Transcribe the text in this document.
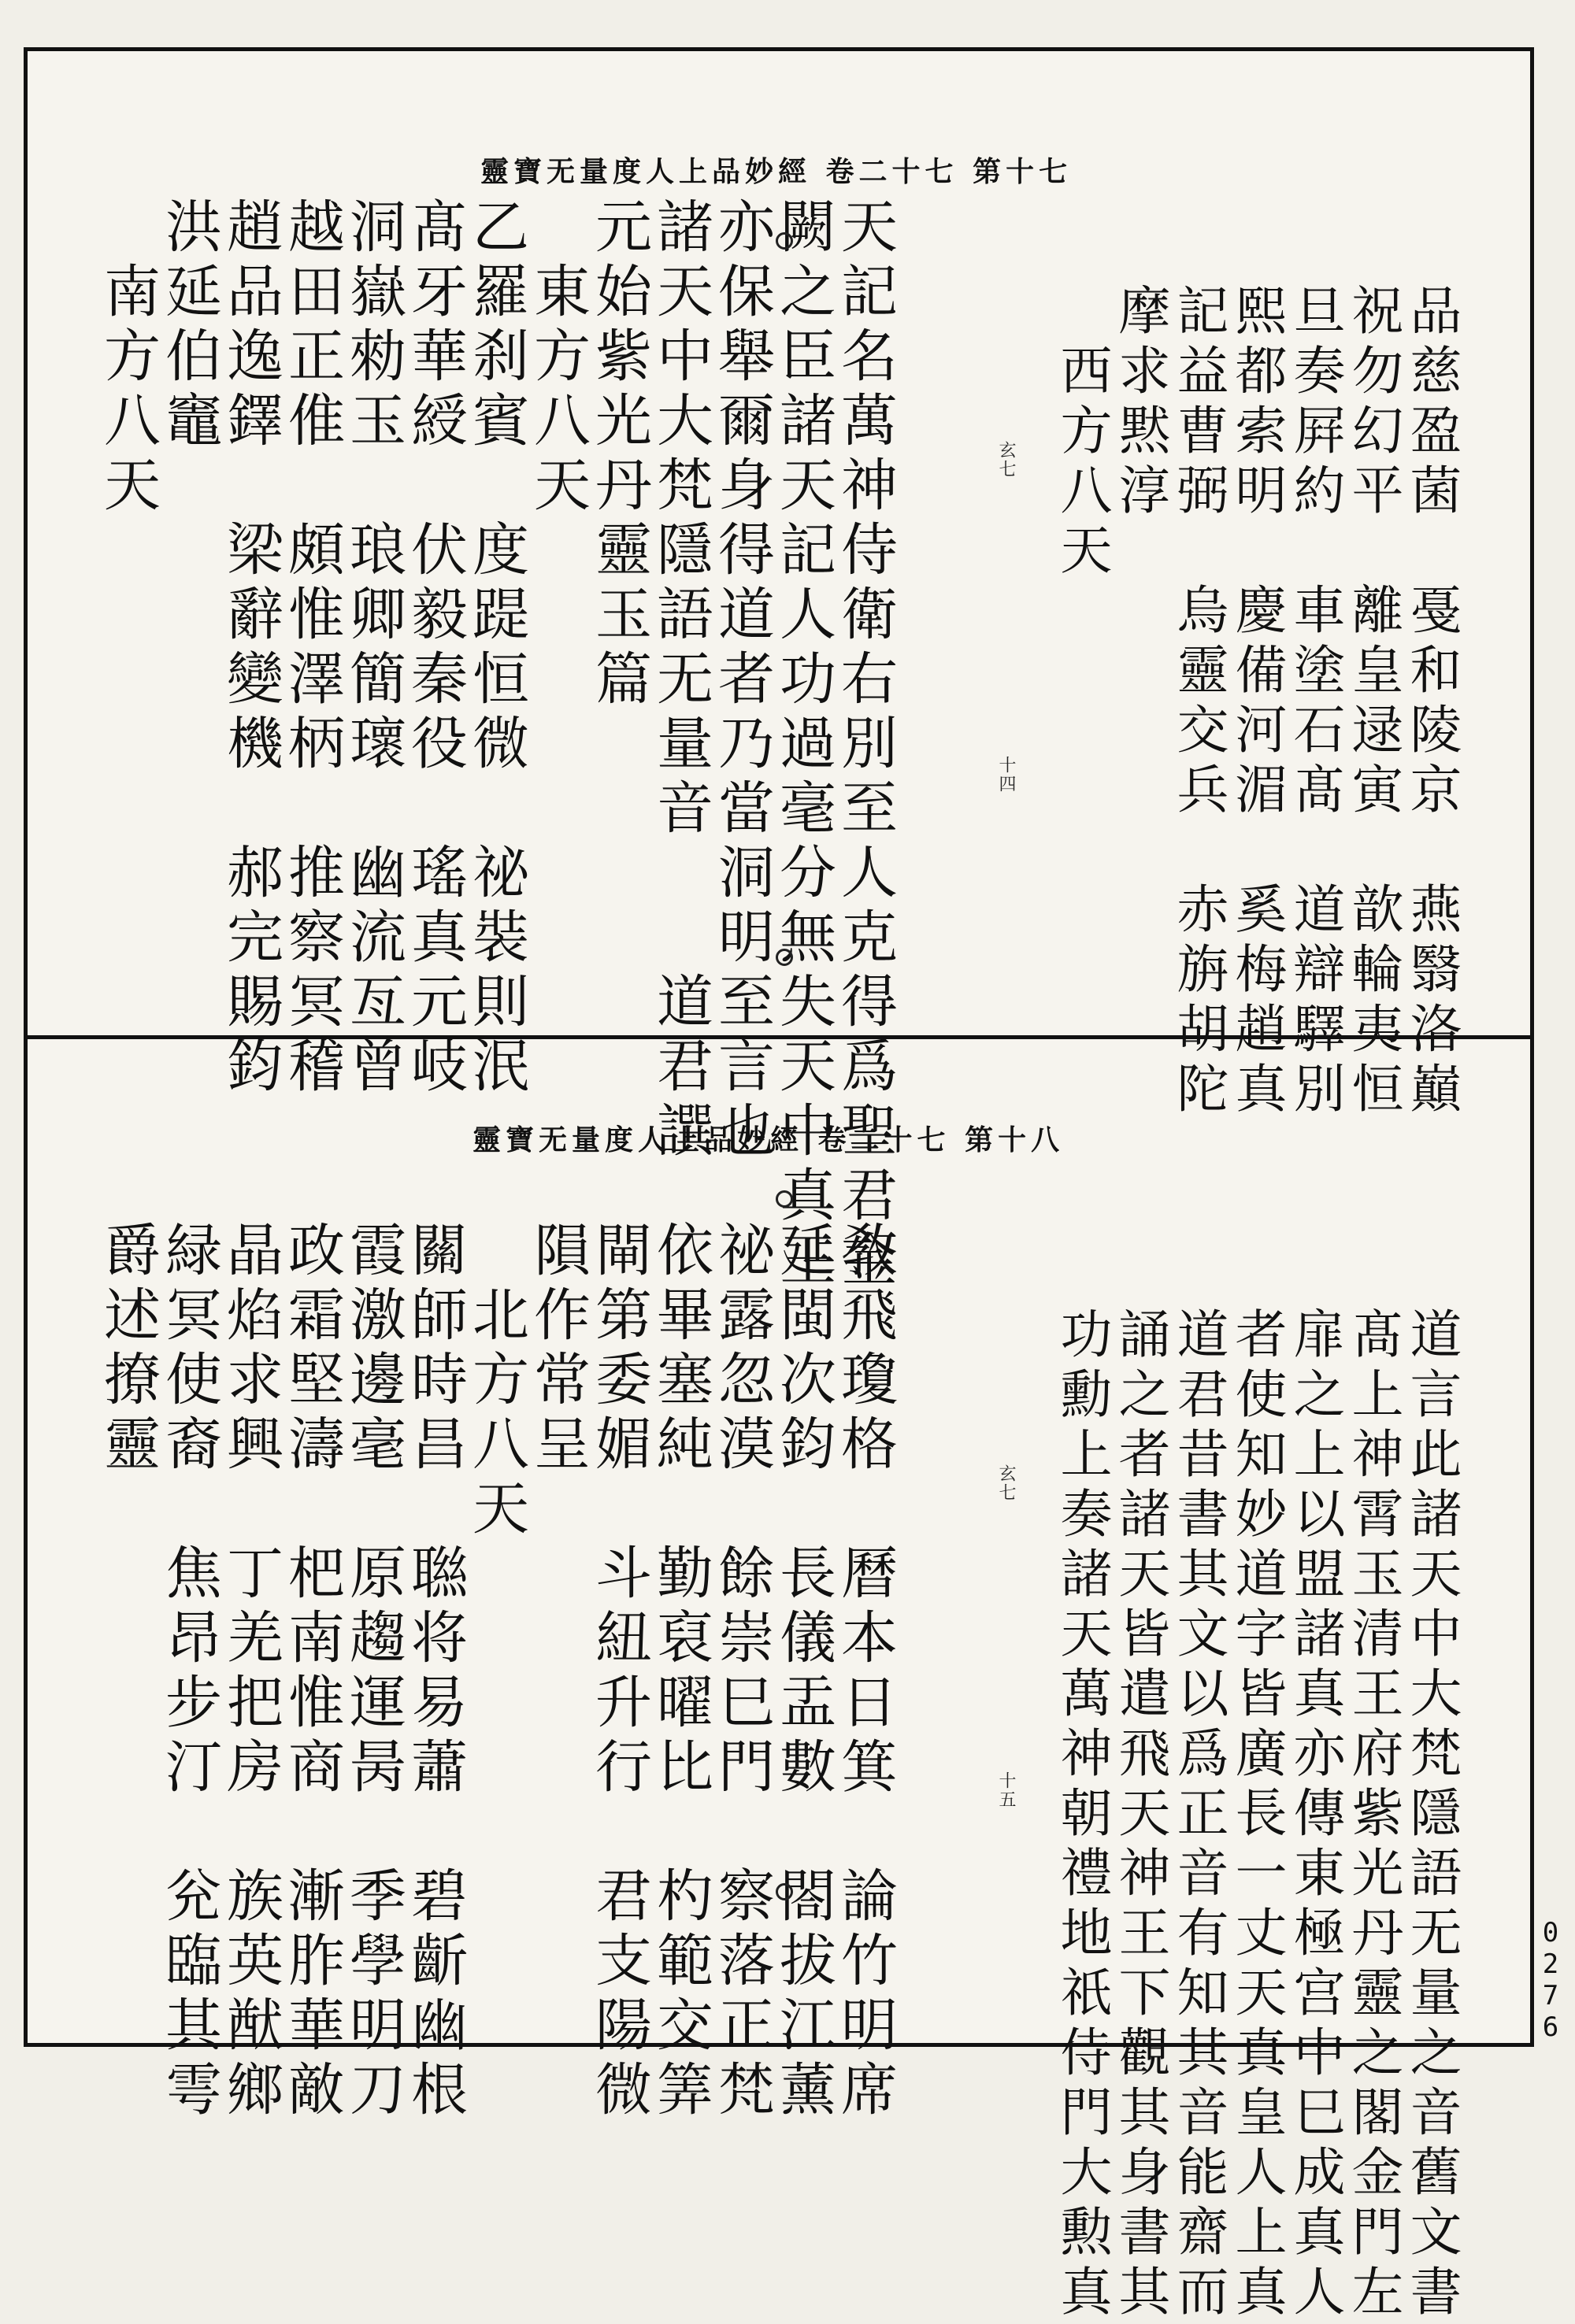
靈寶无量度人上品妙經 卷二十七 第十七
天記名萬神侍衛右別至人克得爲聖君金
闕之臣諸天記人功過毫分無失天中真王
亦保舉爾身得道者乃當洞明至言也
諸天中大梵隱語无量音　　道君譔
元始紫光丹靈玉篇
　東方八天
乙羅刹賓　度踶恒微　祕裝則泯
髙牙華綬　伏毅秦役　瑤真元岐
洞嶽勑玉　琅卿簡瓌　幽流亙曾
越田正倠　頗惟澤柄　推察冥稽
趙品逸鐸　梁辭變機　郝完賜鈞
洪延伯竈
　南方八天	品慈盈菌　戞和陵京　燕翳洛巔
祝勿幻平　離皇逯寅　歆輪夷恒
旦奏屛約　車塗石髙　道辯驛別
熙都索明　慶備河湄　奚梅趙真
記益曹弼　烏靈交兵　赤旃胡陀
摩求黙淳
　西方八天
玄七
十四
靈寶无量度人上品妙經 卷二十七 第十八
敎飛瓊格　曆本日箕　論竹明席
延閩次鈞　長儀盂數　閤拔江薰
祕露忽漠　餘崇巳門　察落正梵
依畢塞純　勤裒曜比　杓範交筭
閘第委媚　斗紐升行　君支陽微
隕作常呈
　北方八天
關師時昌　聮将易蕭　碧齗幽根
霞激邊毫　原趨運昺　季學明刀
政霜堅濤　杷南惟商　漸胙華敵
晶焰求興　丁羌把房　族英猷鄉
緑冥使裔　焦昂步汀　兊臨其雩
爵述撩靈	道言此諸天中大梵隱語无量之音舊文書
髙上神霄玉清王府紫光丹靈之閣金門左
扉之上以盟諸真亦傳東極宫中巳成真人
者使知妙道字皆廣長一丈天真皇人上真
道君昔書其文以爲正音有知其音能齋而
誦之者諸天皆遣飛天神王下觀其身書其
功勳上奏諸天萬神朝禮地祇侍門大勲真
玄七
十五
0276
